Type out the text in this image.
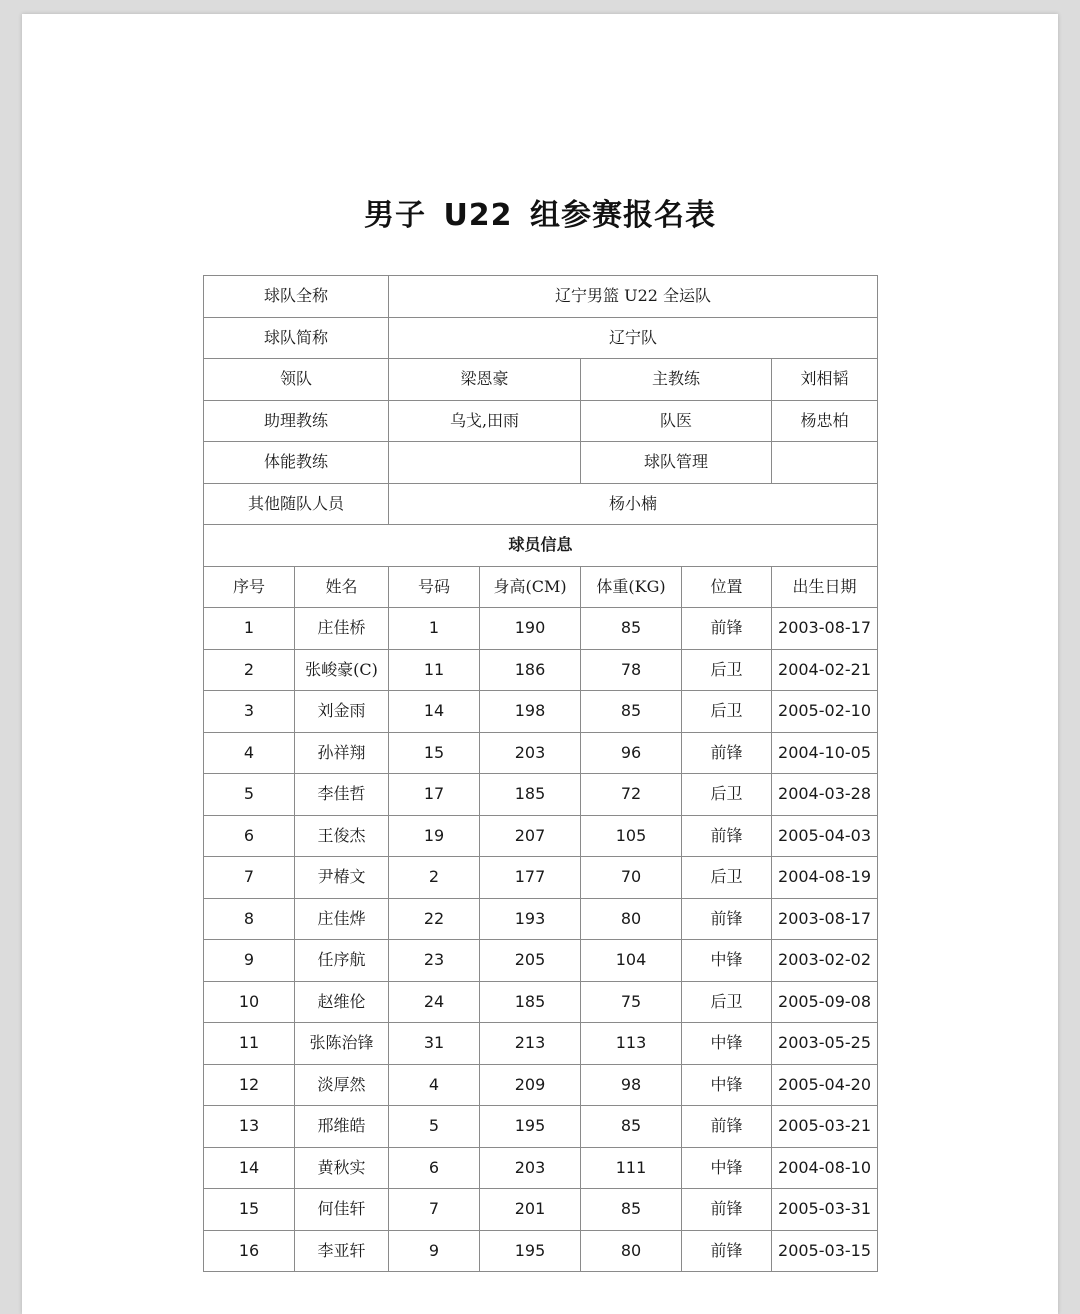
男子 U22 组参赛报名表
球队全称		辽宁男篮 U22 全运队				
球队简称		辽宁队				
领队		梁恩豪		主教练		刘相韬
助理教练		乌戈,田雨		队医		杨忠柏
体能教练				球队管理		
其他随队人员		杨小楠				
球员信息						
序号	姓名	号码	身高(CM)	体重(KG)	位置	出生日期
1	庄佳桥	1	190	85	前锋	2003-08-17
2	张峻豪(C)	11	186	78	后卫	2004-02-21
3	刘金雨	14	198	85	后卫	2005-02-10
4	孙祥翔	15	203	96	前锋	2004-10-05
5	李佳哲	17	185	72	后卫	2004-03-28
6	王俊杰	19	207	105	前锋	2005-04-03
7	尹椿文	2	177	70	后卫	2004-08-19
8	庄佳烨	22	193	80	前锋	2003-08-17
9	任序航	23	205	104	中锋	2003-02-02
10	赵维伦	24	185	75	后卫	2005-09-08
11	张陈治锋	31	213	113	中锋	2003-05-25
12	淡厚然	4	209	98	中锋	2005-04-20
13	邢维皓	5	195	85	前锋	2005-03-21
14	黄秋实	6	203	111	中锋	2004-08-10
15	何佳轩	7	201	85	前锋	2005-03-31
16	李亚轩	9	195	80	前锋	2005-03-15
